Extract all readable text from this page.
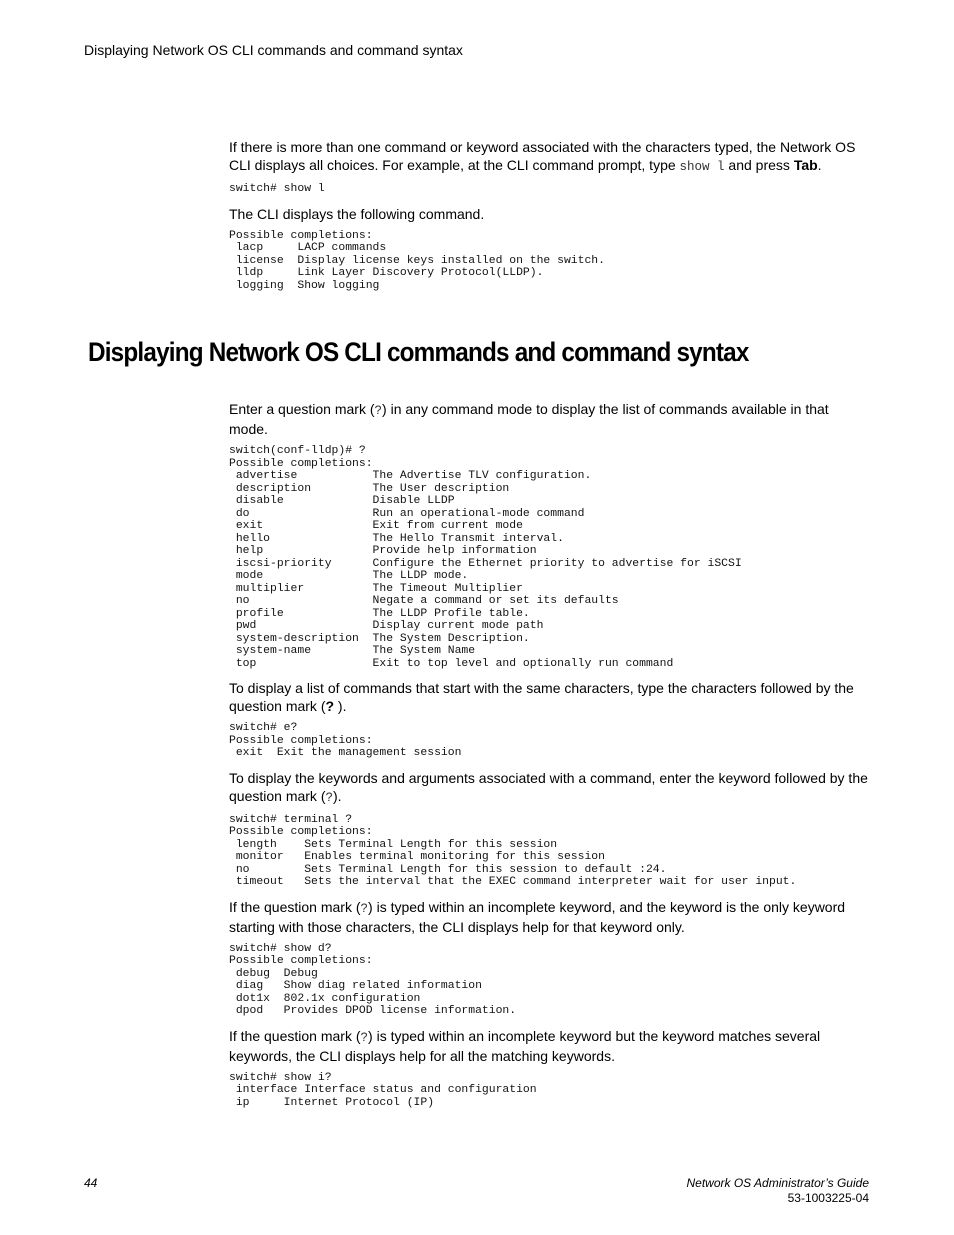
Displaying Network OS CLI commands and command syntax

If there is more than one command or keyword associated with the characters typed, the Network OS CLI displays all choices. For example, at the CLI command prompt, type show l and press Tab.

switch# show l

The CLI displays the following command.

Possible completions:
lacp     LACP commands
license  Display license keys installed on the switch.
lldp     Link Layer Discovery Protocol(LLDP).
logging  Show logging
Displaying Network OS CLI commands and command syntax

Enter a question mark (?) in any command mode to display the list of commands available in that mode.

switch(conf-lldp)# ?
Possible completions:
advertise           The Advertise TLV configuration.
description         The User description
disable             Disable LLDP
do                  Run an operational-mode command
exit                Exit from current mode
hello               The Hello Transmit interval.
help                Provide help information
iscsi-priority      Configure the Ethernet priority to advertise for iSCSI
mode                The LLDP mode.
multiplier          The Timeout Multiplier
no                  Negate a command or set its defaults
profile             The LLDP Profile table.
pwd                 Display current mode path
system-description  The System Description.
system-name         The System Name
top                 Exit to top level and optionally run command

To display a list of commands that start with the same characters, type the characters followed by the question mark (? ).

switch# e?
Possible completions:
exit  Exit the management session

To display the keywords and arguments associated with a command, enter the keyword followed by the question mark (?).

switch# terminal ?
Possible completions:
length    Sets Terminal Length for this session
monitor   Enables terminal monitoring for this session
no        Sets Terminal Length for this session to default :24.
timeout   Sets the interval that the EXEC command interpreter wait for user input.

If the question mark (?) is typed within an incomplete keyword, and the keyword is the only keyword starting with those characters, the CLI displays help for that keyword only.

switch# show d?
Possible completions:
debug  Debug
diag   Show diag related information
dot1x  802.1x configuration
dpod   Provides DPOD license information.

If the question mark (?) is typed within an incomplete keyword but the keyword matches several keywords, the CLI displays help for all the matching keywords.

switch# show i?
interface Interface status and configuration
ip     Internet Protocol (IP)
44	Network OS Administrator’s Guide
53-1003225-04
